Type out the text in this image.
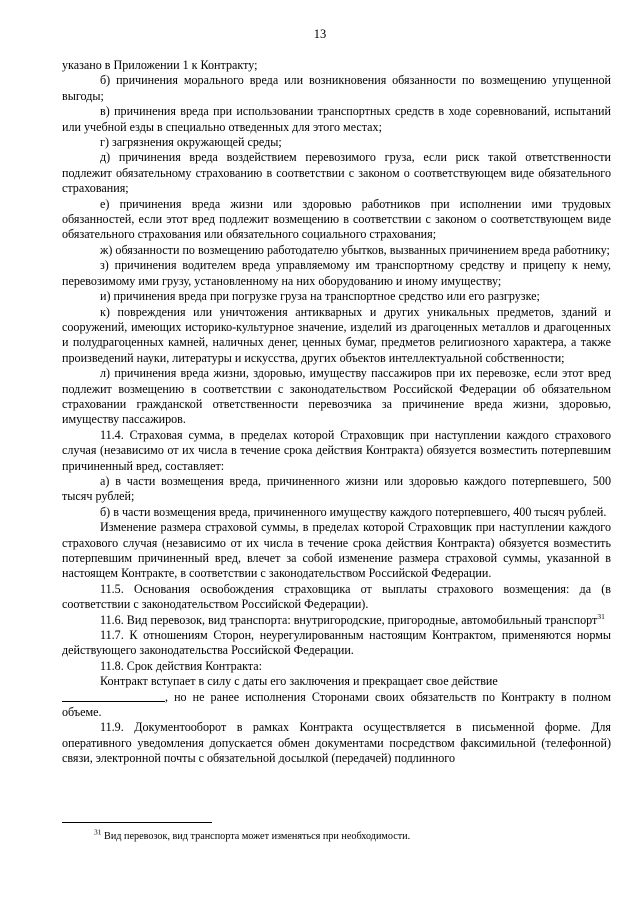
13

указано в Приложении 1 к Контракту;

б) причинения морального вреда или возникновения обязанности по возмещению упущенной выгоды;

в) причинения вреда при использовании транспортных средств в ходе соревнований, испытаний или учебной езды в специально отведенных для этого местах;

г) загрязнения окружающей среды;

д) причинения вреда воздействием перевозимого груза, если риск такой ответственности подлежит обязательному страхованию в соответствии с законом о соответствующем виде обязательного страхования;

е) причинения вреда жизни или здоровью работников при исполнении ими трудовых обязанностей, если этот вред подлежит возмещению в соответствии с законом о соответствующем виде обязательного страхования или обязательного социального страхования;

ж) обязанности по возмещению работодателю убытков, вызванных причинением вреда работнику;

з) причинения водителем вреда управляемому им транспортному средству и прицепу к нему, перевозимому ими грузу, установленному на них оборудованию и иному имуществу;

и) причинения вреда при погрузке груза на транспортное средство или его разгрузке;

к) повреждения или уничтожения антикварных и других уникальных предметов, зданий и сооружений, имеющих историко-культурное значение, изделий из драгоценных металлов и драгоценных и полудрагоценных камней, наличных денег, ценных бумаг, предметов религиозного характера, а также произведений науки, литературы и искусства, других объектов интеллектуальной собственности;

л) причинения вреда жизни, здоровью, имуществу пассажиров при их перевозке, если этот вред подлежит возмещению в соответствии с законодательством Российской Федерации об обязательном страховании гражданской ответственности перевозчика за причинение вреда жизни, здоровью, имуществу пассажиров.

11.4. Страховая сумма, в пределах которой Страховщик при наступлении каждого страхового случая (независимо от их числа в течение срока действия Контракта) обязуется возместить потерпевшим причиненный вред, составляет:

а) в части возмещения вреда, причиненного жизни или здоровью каждого потерпевшего, 500 тысяч рублей;

б) в части возмещения вреда, причиненного имуществу каждого потерпевшего, 400 тысяч рублей.

Изменение размера страховой суммы, в пределах которой Страховщик при наступлении каждого страхового случая (независимо от их числа в течение срока действия Контракта) обязуется возместить потерпевшим причиненный вред, влечет за собой изменение размера страховой суммы, указанной в настоящем Контракте, в соответствии с законодательством Российской Федерации.

11.5. Основания освобождения страховщика от выплаты страхового возмещения: да (в соответствии с законодательством Российской Федерации).

11.6. Вид перевозок, вид транспорта: внутригородские, пригородные, автомобильный транспорт$^{31}$

11.7. К отношениям Сторон, неурегулированным настоящим Контрактом, применяются нормы действующего законодательства Российской Федерации.

11.8. Срок действия Контракта:

Контракт вступает в силу с даты его заключения и прекращает свое действие
, но не ранее исполнения Сторонами своих обязательств по Контракту в полном объеме.

11.9. Документооборот в рамках Контракта осуществляется в письменной форме. Для оперативного уведомления допускается обмен документами посредством факсимильной (телефонной) связи, электронной почты с обязательной досылкой (передачей) подлинного

$^{31}$ Вид перевозок, вид транспорта может изменяться при необходимости.
